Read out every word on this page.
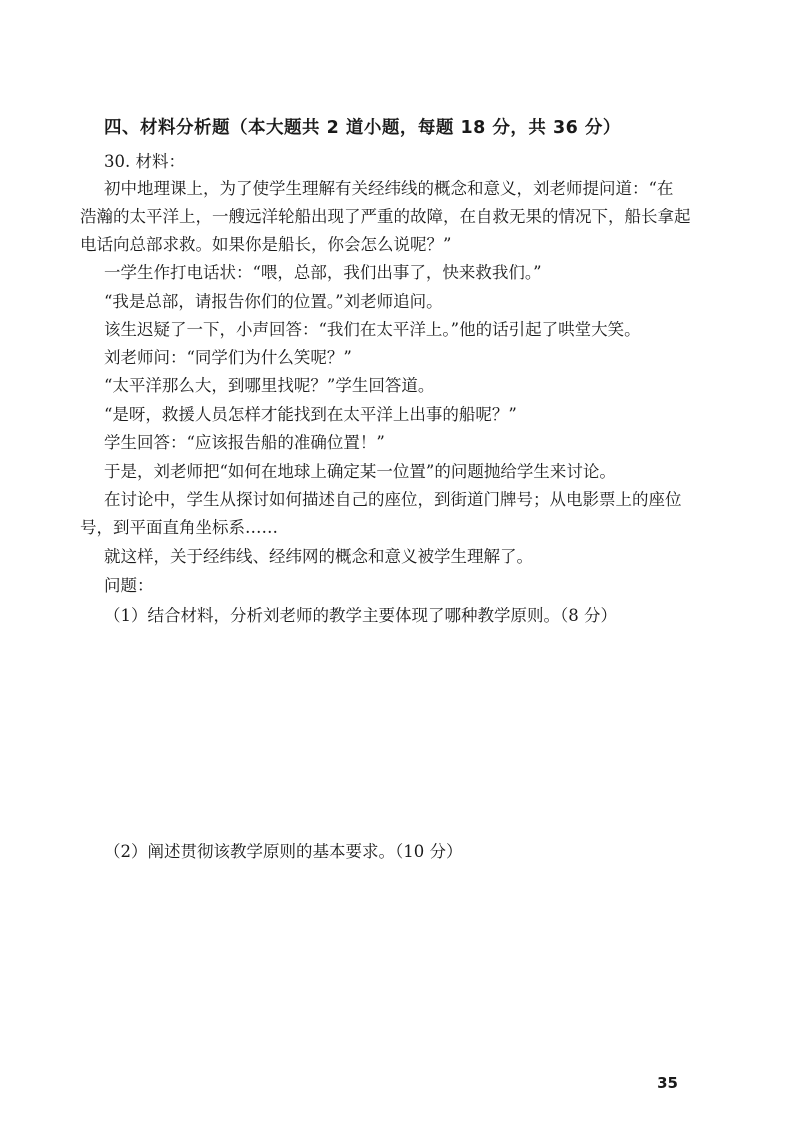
四、材料分析题（本大题共 2 道小题，每题 18 分，共 36 分）

30. 材料：

初中地理课上，为了使学生理解有关经纬线的概念和意义，刘老师提问道：“在

浩瀚的太平洋上，一艘远洋轮船出现了严重的故障，在自救无果的情况下，船长拿起

电话向总部求救。如果你是船长，你会怎么说呢？”

一学生作打电话状：“喂，总部，我们出事了，快来救我们。”

“我是总部，请报告你们的位置。”刘老师追问。

该生迟疑了一下，小声回答：“我们在太平洋上。”他的话引起了哄堂大笑。

刘老师问：“同学们为什么笑呢？”

“太平洋那么大，到哪里找呢？”学生回答道。

“是呀，救援人员怎样才能找到在太平洋上出事的船呢？”

学生回答：“应该报告船的准确位置！”

于是，刘老师把“如何在地球上确定某一位置”的问题抛给学生来讨论。

在讨论中，学生从探讨如何描述自己的座位，到街道门牌号；从电影票上的座位

号，到平面直角坐标系……

就这样，关于经纬线、经纬网的概念和意义被学生理解了。

问题：

（1）结合材料，分析刘老师的教学主要体现了哪种教学原则。（8 分）

（2）阐述贯彻该教学原则的基本要求。（10 分）

35
